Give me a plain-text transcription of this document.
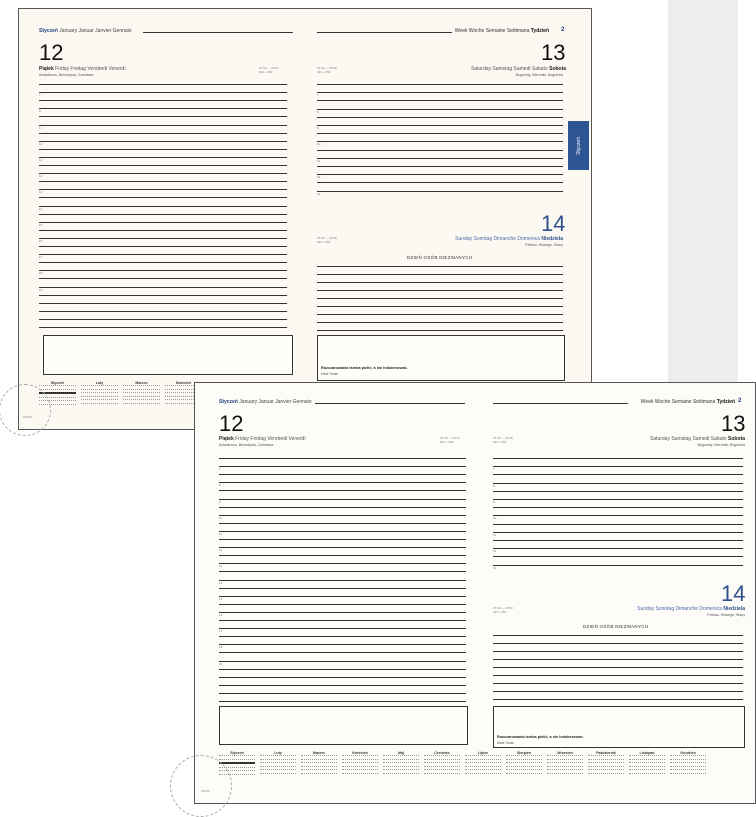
Styczeń January Januar Janvier Gennaio	Week Woche Semaine Settimana Tydzień 2
12
Piątek Friday Freitag Vendredi Venerdì
Arkadiusza, Benedykta, Czesława
07:40 — 15:47
012 + 353
13
Saturday Samstag Samedi Sabato Sobota
Bogumiły, Weroniki, Bogumila
07:40 — 15:49
013 + 352
7
8
9
10
11
12
13
14
15
16
17
18
19
7
8
9
10
11
12
13
14
Sunday Sonntag Dimanche Domenica Niedziela
Feliksa, Hilarego, Stacy
07:39 — 15:50
014 + 351
DZIEŃ OSÓB NIEZWANYCH
Rozczarowania trzeba pielić, a nie hołuberować.
Mark Twain
Styczeń	Luty	Marzec	Kwiecień
XX/XX
Styczeń
Styczeń January Januar Janvier Gennaio	Week Woche Semaine Settimana Tydzień 2
12
Piątek Friday Freitag Vendredi Venerdì
Arkadiusza, Benedykta, Czesława
07:40 — 15:47
012 + 353
13
Saturday Samstag Samedi Sabato Sobota
Bogumiły, Weroniki, Bogumila
07:40 — 15:49
013 + 352
7
8
9
10
11
12
13
14
15
16
17
18
19
7
8
9
10
11
12
13
14
Sunday Sonntag Dimanche Domenica Niedziela
Feliksa, Hilarego, Stacy
07:39 — 15:50
014 + 351
DZIEŃ OSÓB NIEZWANYCH
Rozczarowania trzeba pielić, a nie hołuberować.
Mark Twain
Styczeń	Luty	Marzec	Kwiecień	Maj	Czerwiec	Lipiec	Sierpień	Wrzesień	Październik	Listopad	Grudzień
XX/XX
